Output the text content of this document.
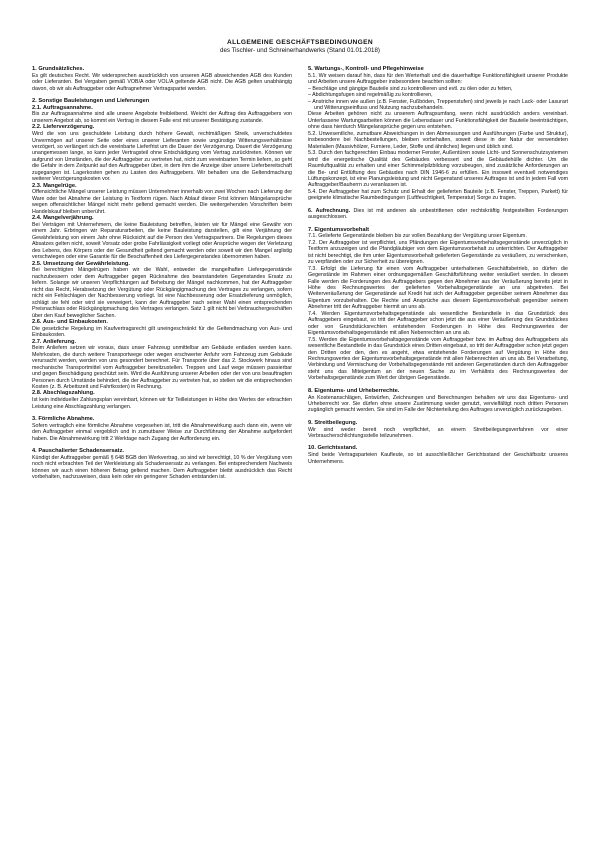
ALLGEMEINE GESCHÄFTSBEDINGUNGEN
des Tischler- und Schreinerhandwerks (Stand 01.01.2018)
1. Grundsätzliches.

Es gilt deutsches Recht. Wir widersprechen ausdrücklich von unseren AGB abweichenden AGB des Kunden oder Lieferanten. Bei Vergaben gemäß VOB/A oder VOL/A geltende AGB nicht. Die AGB gelten unabhängig davon, ob wir als Auftraggeber oder Auftragnehmer Vertragspartei werden.

2. Sonstige Bauleistungen und Lieferungen
2.1. Auftragsannahme.

Bis zur Auftragsannahme sind alle unsere Angebote freibleibend. Weicht der Auftrag des Auftraggebers von unserem Angebot ab, so kommt ein Vertrag in diesem Falle erst mit unserer Bestätigung zustande.

2.2. Lieferverzögerung.

Wird die von uns geschuldete Leistung durch höhere Gewalt, rechtmäßigen Streik, unverschuldetes Unvermögen auf unserer Seite oder eines unserer Lieferanten sowie ungünstige Witterungsverhältnisse verzögert, so verlängert sich die vereinbarte Lieferfrist um die Dauer der Verzögerung. Dauert die Verzögerung unangemessen lange, so kann jeder Vertragsteil ohne Entschädigung vom Vertrag zurücktreten. Können wir aufgrund von Umständen, die der Auftraggeber zu vertreten hat, nicht zum vereinbarten Termin liefern, so geht die Gefahr in dem Zeitpunkt auf den Auftraggeber über, in dem ihm die Anzeige über unsere Lieferbereitschaft zugegangen ist. Lagerkosten gehen zu Lasten des Auftraggebers. Wir behalten uns die Geltendmachung weiterer Verzögerungskosten vor.

2.3. Mangelrüge.

Offensichtliche Mängel unserer Leistung müssen Unternehmer innerhalb von zwei Wochen nach Lieferung der Ware oder bei Abnahme der Leistung in Textform rügen. Nach Ablauf dieser Frist können Mängelansprüche wegen offensichtlicher Mängel nicht mehr geltend gemacht werden. Die weitergehenden Vorschriften beim Handelskauf bleiben unberührt.

2.4. Mangelverjährung.

Bei Verträgen mit Unternehmern, die keine Bauleistung betreffen, leisten wir für Mängel eine Gewähr von einem Jahr. Erbringen wir Reparaturarbeiten, die keine Bauleistung darstellen, gilt eine Verjährung der Gewährleistung von einem Jahr ohne Rücksicht auf die Person des Vertragspartners. Die Regelungen dieses Absatzes gelten nicht, soweit Vorsatz oder grobe Fahrlässigkeit vorliegt oder Ansprüche wegen der Verletzung des Lebens, des Körpers oder der Gesundheit geltend gemacht werden oder soweit wir den Mangel arglistig verschwiegen oder eine Garantie für die Beschaffenheit des Liefergegenstandes übernommen haben.

2.5. Umsetzung der Gewährleistung.

Bei berechtigten Mängelrügen haben wir die Wahl, entweder die mangelhaften Liefergegenstände nachzubessern oder dem Auftraggeber gegen Rücknahme des beanstandeten Gegenstandes Ersatz zu liefern. Solange wir unseren Verpflichtungen auf Behebung der Mängel nachkommen, hat der Auftraggeber nicht das Recht, Herabsetzung der Vergütung oder Rückgängigmachung des Vertrages zu verlangen, sofern nicht ein Fehlschlagen der Nachbesserung vorliegt. Ist eine Nachbesserung oder Ersatzlieferung unmöglich, schlägt sie fehl oder wird sie verweigert, kann der Auftraggeber nach seiner Wahl einen entsprechenden Preisnachlass oder Rückgängigmachung des Vertrages verlangen. Satz 1 gilt nicht bei Verbrauchergeschäften über den Kauf beweglicher Sachen.

2.6. Aus- und Einbaukosten.

Die gesetzliche Regelung im Kaufvertragsrecht gilt uneingeschränkt für die Geltendmachung von Aus- und Einbaukosten.

2.7. Anlieferung.

Beim Anliefern setzen wir voraus, dass unser Fahrzeug unmittelbar am Gebäude entladen werden kann. Mehrkosten, die durch weitere Transportwege oder wegen erschwerter Anfuhr vom Fahrzeug zum Gebäude verursacht werden, werden von uns gesondert berechnet. Für Transporte über das 2. Stockwerk hinaus sind mechanische Transportmittel vom Auftraggeber bereitzustellen. Treppen und Lauf wege müssen passierbar und gegen Beschädigung geschützt sein. Wird die Ausführung unserer Arbeiten oder der von uns beauftragten Personen durch Umstände behindert, die der Auftraggeber zu vertreten hat, so stellen wir die entsprechenden Kosten (z. B. Arbeitszeit und Fahrtkosten) in Rechnung.

2.8. Abschlagszahlung.

Ist kein individueller Zahlungsplan vereinbart, können wir für Teilleistungen in Höhe des Wertes der erbrachten Leistung eine Abschlagzahlung verlangen.

3. Förmliche Abnahme.

Sofern vertraglich eine förmliche Abnahme vorgesehen ist, tritt die Abnahmewirkung auch dann ein, wenn wir den Auftraggeber einmal vergeblich und in zumutbarer Weise zur Durchführung der Abnahme aufgefordert haben. Die Abnahmewirkung tritt 2 Werktage nach Zugang der Aufforderung ein.

4. Pauschalierter Schadensersatz.

Kündigt der Auftraggeber gemäß § 648 BGB den Werkvertrag, so sind wir berechtigt, 10 % der Vergütung vom noch nicht erbrachten Teil der Werkleistung als Schadensersatz zu verlangen. Bei entsprechendem Nachweis können wir auch einen höheren Betrag geltend machen. Dem Auftraggeber bleibt ausdrücklich das Recht vorbehalten, nachzuweisen, dass kein oder ein geringerer Schaden entstanden ist.

5. Wartungs-, Kontroll- und Pflegehinweise

5.1. Wir weisen darauf hin, dass für den Werterhalt und die dauerhaftige Funktionsfähigkeit unserer Produkte und Arbeiten unsere Auftraggeber insbesondere beachten sollten:

– Beschläge und gängige Bauteile sind zu kontrollieren und evtl. zu ölen oder zu fetten,

– Abdichtungsfugen sind regelmäßig zu kontrollieren,

– Anstriche innen wie außen (z.B. Fenster, Fußböden, Treppenstufen) sind jeweils je nach Lack- oder Lasurart und Witterungseinfluss und Nutzung nachzubehandeln.

Diese Arbeiten gehören nicht zu unserem Auftragsumfang, wenn nicht ausdrücklich anders vereinbart. Unterlassene Wartungsarbeiten können die Lebensdauer und Funktionsfähigkeit der Bauteile beeinträchtigen, ohne dass hierdurch Mängelansprüche gegen uns entstehen.

5.2. Unwesentliche, zumutbare Abweichungen in den Abmessungen und Ausführungen (Farbe und Struktur), insbesondere bei Nachbestellungen, bleiben vorbehalten, soweit diese in der Natur der verwendeten Materialien (Massivhölzer, Furniere, Leder, Stoffe und ähnliches) liegen und üblich sind.

5.3. Durch den fachgerechten Einbau moderner Fenster, Außentüren sowie Licht- und Sonnenschutzsystemen wird die energetische Qualität des Gebäudes verbessert und die Gebäudehülle dichter. Um die Raumluftqualität zu erhalten und einer Schimmelpilzbildung vorzubeugen, sind zusätzliche Anforderungen an die Be- und Entlüftung des Gebäudes nach DIN 1946-6 zu erfüllen. Ein insoweit eventuell notwendiges Lüftungskonzept, ist eine Planungsleistung und nicht Gegenstand unseres Auftrages ist und in jedem Fall vom Auftraggeber/Bauherrn zu veranlassen ist.

5.4. Der Auftraggeber hat zum Schutz und Erhalt der gelieferten Bauteile (z.B. Fenster, Treppen, Parkett) für geeignete klimatische Raumbedingungen (Luftfeuchtigkeit, Temperatur) Sorge zu tragen.

6. Aufrechnung. Dies ist mit anderen als unbestrittenen oder rechtskräftig festgestellten Forderungen ausgeschlossen.

7. Eigentumsvorbehalt

7.1. Gelieferte Gegenstände bleiben bis zur vollen Bezahlung der Vergütung unser Eigentum.

7.2. Der Auftraggeber ist verpflichtet, uns Pfändungen der Eigentumsvorbehaltsgegenstände unverzüglich in Textform anzuzeigen und die Pfandgläubiger von dem Eigentumsvorbehalt zu unterrichten. Der Auftraggeber ist nicht berechtigt, die ihm unter Eigentumsvorbehalt gelieferten Gegenstände zu veräußern, zu verschenken, zu verpfänden oder zur Sicherheit zu übereignen.

7.3. Erfolgt die Lieferung für einen vom Auftraggeber unterhaltenen Geschäftsbetrieb, so dürfen die Gegenstände im Rahmen einer ordnungsgemäßen Geschäftsführung weiter veräußert werden. In diesem Falle werden die Forderungen des Auftraggebers gegen den Abnehmer aus der Veräußerung bereits jetzt in Höhe des Rechnungswertes der gelieferten Vorbehaltsgegenstände an uns abgetreten. Bei Weiterveräußerung der Gegenstände auf Kredit hat sich der Auftraggeber gegenüber seinem Abnehmer das Eigentum vorzubehalten. Die Rechte und Ansprüche aus diesem Eigentumsvorbehalt gegenüber seinem Abnehmer tritt der Auftraggeber hiermit an uns ab.

7.4. Werden Eigentumsvorbehaltsgegenstände als wesentliche Bestandteile in das Grundstück des Auftraggebers eingebaut, so tritt der Auftraggeber schon jetzt die aus einer Veräußerung des Grundstückes oder von Grundstücksrechten entstehenden Forderungen in Höhe des Rechnungswertes der Eigentumsvorbehaltsgegenstände mit allen Nebenrechten an uns ab.

7.5. Werden die Eigentumsvorbehaltsgegenstände vom Auftraggeber bzw. im Auftrag des Auftraggebers als wesentliche Bestandteile in das Grundstück eines Dritten eingebaut, so tritt der Auftraggeber schon jetzt gegen den Dritten oder den, den es angeht, etwa entstehende Forderungen auf Vergütung in Höhe des Rechnungswertes der Eigentumsvorbehaltsgegenstände mit allen Nebenrechten an uns ab. Bei Verarbeitung, Verbindung und Vermischung der Vorbehaltsgegenstände mit anderen Gegenständen durch den Auftraggeber steht uns das Miteigentum an der neuen Sache zu im Verhältnis des Rechnungswertes der Vorbehaltsgegenstände zum Wert der übrigen Gegenstände.

8. Eigentums- und Urheberrechte.

An Kostenanschlägen, Entwürfen, Zeichnungen und Berechnungen behalten wir uns das Eigentums- und Urheberrecht vor. Sie dürfen ohne unsere Zustimmung weder genutzt, vervielfältigt noch dritten Personen zugänglich gemacht werden. Sie sind im Falle der Nichterteilung des Auftrages unverzüglich zurückzugeben.

9. Streitbeilegung.

Wir sind weder bereit noch verpflichtet, an einem Streitbeilegungsverfahren vor einer Verbraucherschlichtungsstelle teilzunehmen.

10. Gerichtsstand.

Sind beide Vertragsparteien Kaufleute, so ist ausschließlicher Gerichtsstand der Geschäftssitz unseres Unternehmens.
